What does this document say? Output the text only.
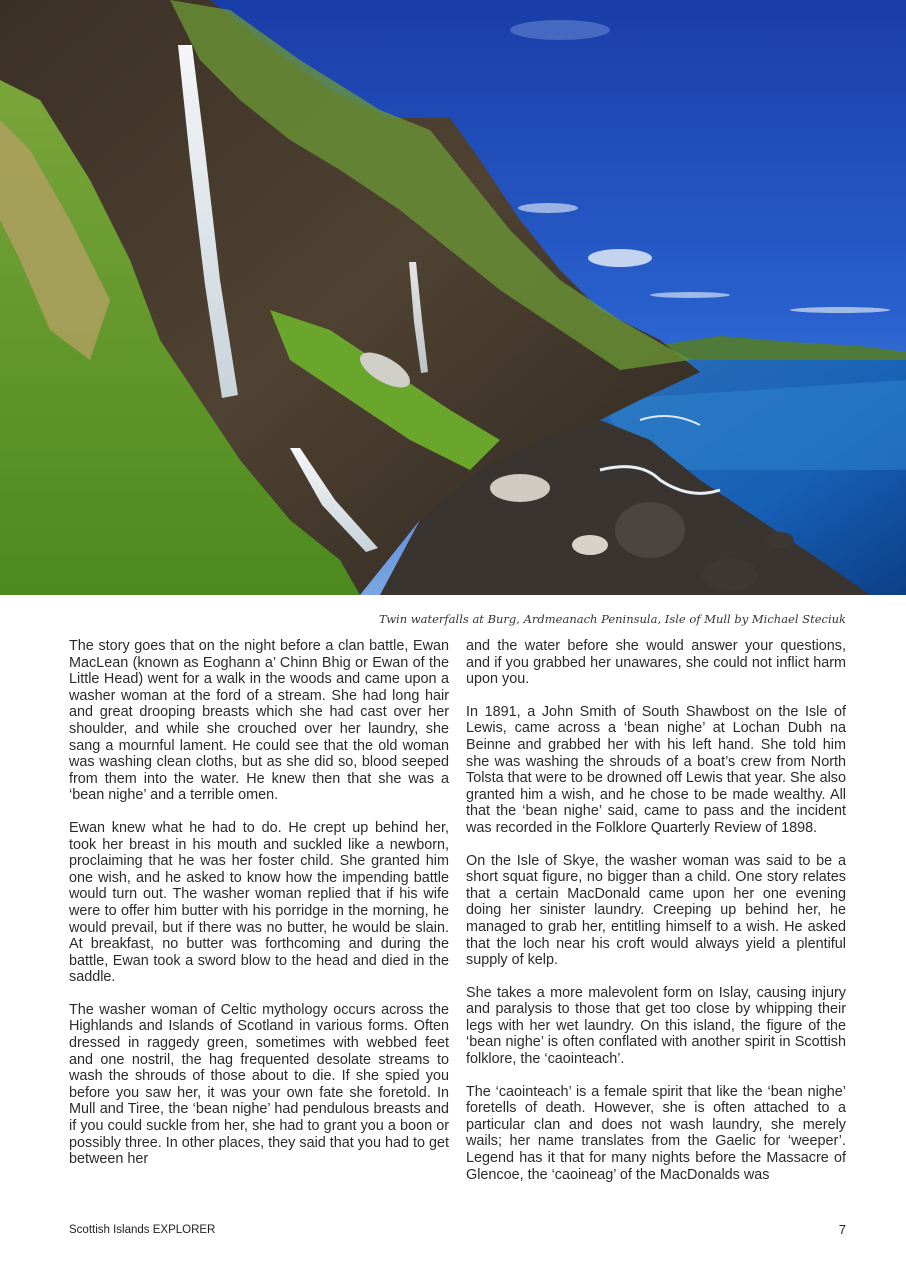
Twin waterfalls at Burg, Ardmeanach Peninsula, Isle of Mull by Michael Steciuk

The story goes that on the night before a clan battle, Ewan MacLean (known as Eoghann a’ Chinn Bhig or Ewan of the Little Head) went for a walk in the woods and came upon a washer woman at the ford of a stream. She had long hair and great drooping breasts which she had cast over her shoulder, and while she crouched over her laundry, she sang a mournful lament. He could see that the old woman was washing clean cloths, but as she did so, blood seeped from them into the water. He knew then that she was a ‘bean nighe’ and a terrible omen.

Ewan knew what he had to do. He crept up behind her, took her breast in his mouth and suckled like a newborn, proclaiming that he was her foster child. She granted him one wish, and he asked to know how the impending battle would turn out. The washer woman replied that if his wife were to offer him butter with his porridge in the morning, he would prevail, but if there was no butter, he would be slain. At breakfast, no butter was forthcoming and during the battle, Ewan took a sword blow to the head and died in the saddle.

The washer woman of Celtic mythology occurs across the Highlands and Islands of Scotland in various forms. Often dressed in raggedy green, sometimes with webbed feet and one nostril, the hag frequented desolate streams to wash the shrouds of those about to die. If she spied you before you saw her, it was your own fate she foretold. In Mull and Tiree, the ‘bean nighe’ had pendulous breasts and if you could suckle from her, she had to grant you a boon or possibly three. In other places, they said that you had to get between her

and the water before she would answer your questions, and if you grabbed her unawares, she could not inflict harm upon you.

In 1891, a John Smith of South Shawbost on the Isle of Lewis, came across a ‘bean nighe’ at Lochan Dubh na Beinne and grabbed her with his left hand. She told him she was washing the shrouds of a boat’s crew from North Tolsta that were to be drowned off Lewis that year. She also granted him a wish, and he chose to be made wealthy. All that the ‘bean nighe’ said, came to pass and the incident was recorded in the Folklore Quarterly Review of 1898.

On the Isle of Skye, the washer woman was said to be a short squat figure, no bigger than a child. One story relates that a certain MacDonald came upon her one evening doing her sinister laundry. Creeping up behind her, he managed to grab her, entitling himself to a wish. He asked that the loch near his croft would always yield a plentiful supply of kelp.

She takes a more malevolent form on Islay, causing injury and paralysis to those that get too close by whipping their legs with her wet laundry. On this island, the figure of the ‘bean nighe’ is often conflated with another spirit in Scottish folklore, the ‘caointeach’.

The ‘caointeach’ is a female spirit that like the ‘bean nighe’ foretells of death. However, she is often attached to a particular clan and does not wash laundry, she merely wails; her name translates from the Gaelic for ‘weeper’. Legend has it that for many nights before the Massacre of Glencoe, the ‘caoineag’ of the MacDonalds was

Scottish Islands EXPLORER	7
